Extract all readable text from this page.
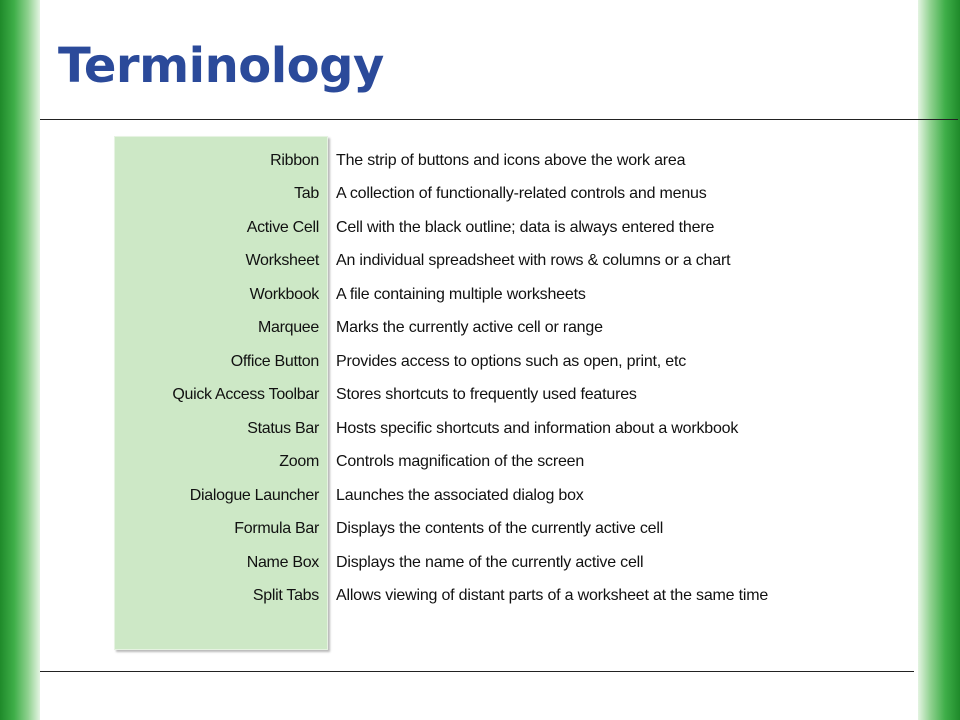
Terminology
Ribbon	The strip of buttons and icons above the work area
Tab	A collection of functionally-related controls and menus
Active Cell	Cell with the black outline; data is always entered there
Worksheet	An individual spreadsheet with rows & columns or a chart
Workbook	A file containing multiple worksheets
Marquee	Marks the currently active cell or range
Office Button	Provides access to options such as open, print, etc
Quick Access Toolbar	Stores shortcuts to frequently used features
Status Bar	Hosts specific shortcuts and information about a workbook
Zoom	Controls magnification of the screen
Dialogue Launcher	Launches the associated dialog box
Formula Bar	Displays the contents of the currently active cell
Name Box	Displays the name of the currently active cell
Split Tabs	Allows viewing of distant parts of a worksheet at the same time
